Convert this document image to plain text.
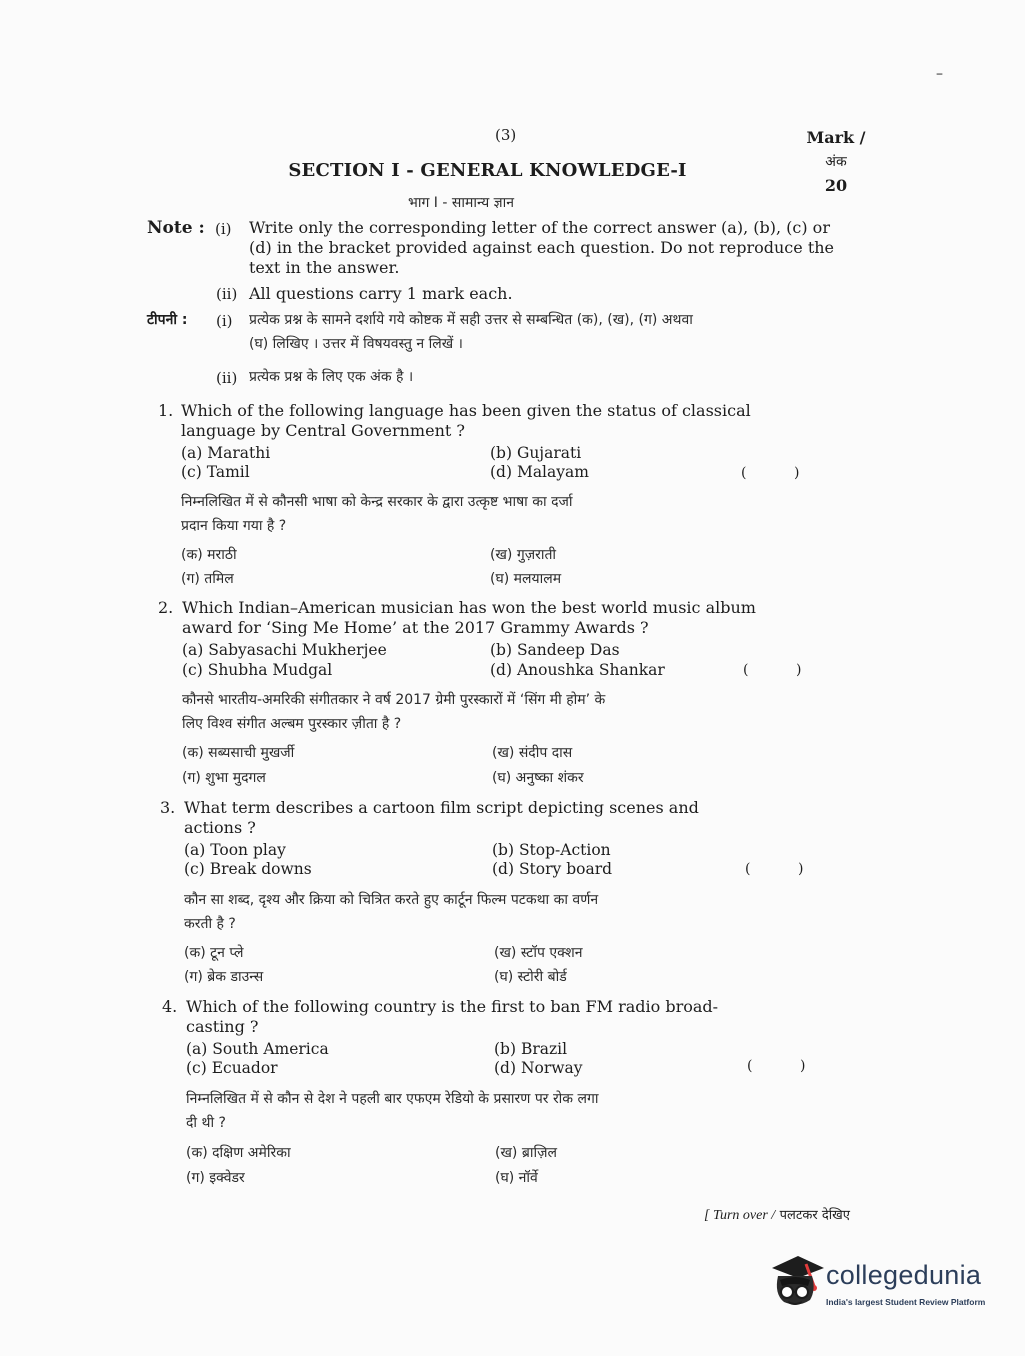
–
(3)	Mark /
अंक
20
SECTION I - GENERAL KNOWLEDGE-I
भाग I - सामान्य ज्ञान
Note : (i) Write only the corresponding letter of the correct answer (a), (b), (c) or
(d) in the bracket provided against each question. Do not reproduce the
text in the answer.
(ii) All questions carry 1 mark each.
टीपनी : (i) प्रत्येक प्रश्न के सामने दर्शाये गये कोष्टक में सही उत्तर से सम्बन्धित (क), (ख), (ग) अथवा
(घ) लिखिए । उत्तर में विषयवस्तु न लिखें ।
(ii) प्रत्येक प्रश्न के लिए एक अंक है ।
1. Which of the following language has been given the status of classical
language by Central Government ?
(a) Marathi	(b) Gujarati
(c) Tamil	(d) Malayam	(	)
निम्नलिखित में से कौनसी भाषा को केन्द्र सरकार के द्वारा उत्कृष्ट भाषा का दर्जा
प्रदान किया गया है ?
(क) मराठी	(ख) गुज़राती
(ग) तमिल	(घ) मलयालम
2. Which Indian–American musician has won the best world music album
award for ‘Sing Me Home’ at the 2017 Grammy Awards ?
(a) Sabyasachi Mukherjee	(b) Sandeep Das
(c) Shubha Mudgal	(d) Anoushka Shankar	(	)
कौनसे भारतीय-अमरिकी संगीतकार ने वर्ष 2017 ग्रेमी पुरस्कारों में ‘सिंग मी होम’ के
लिए विश्व संगीत अल्बम पुरस्कार ज़ीता है ?
(क) सब्यसाची मुखर्जी	(ख) संदीप दास
(ग) शुभा मुदगल	(घ) अनुष्का शंकर
3. What term describes a cartoon film script depicting scenes and
actions ?
(a) Toon play	(b) Stop-Action
(c) Break downs	(d) Story board	(	)
कौन सा शब्द, दृश्य और क्रिया को चित्रित करते हुए कार्टून फिल्म पटकथा का वर्णन
करती है ?
(क) टून प्ले	(ख) स्टॉप एक्शन
(ग) ब्रेक डाउन्स	(घ) स्टोरी बोर्ड
4. Which of the following country is the first to ban FM radio broad-
casting ?
(a) South America	(b) Brazil
(c) Ecuador	(d) Norway	(	)
निम्नलिखित में से कौन से देश ने पहली बार एफएम रेडियो के प्रसारण पर रोक लगा
दी थी ?
(क) दक्षिण अमेरिका	(ख) ब्राज़िल
(ग) इक्वेडर	(घ) नॉर्वे
[ Turn over / पलटकर देखिए
collegedunia
India's largest Student Review Platform
